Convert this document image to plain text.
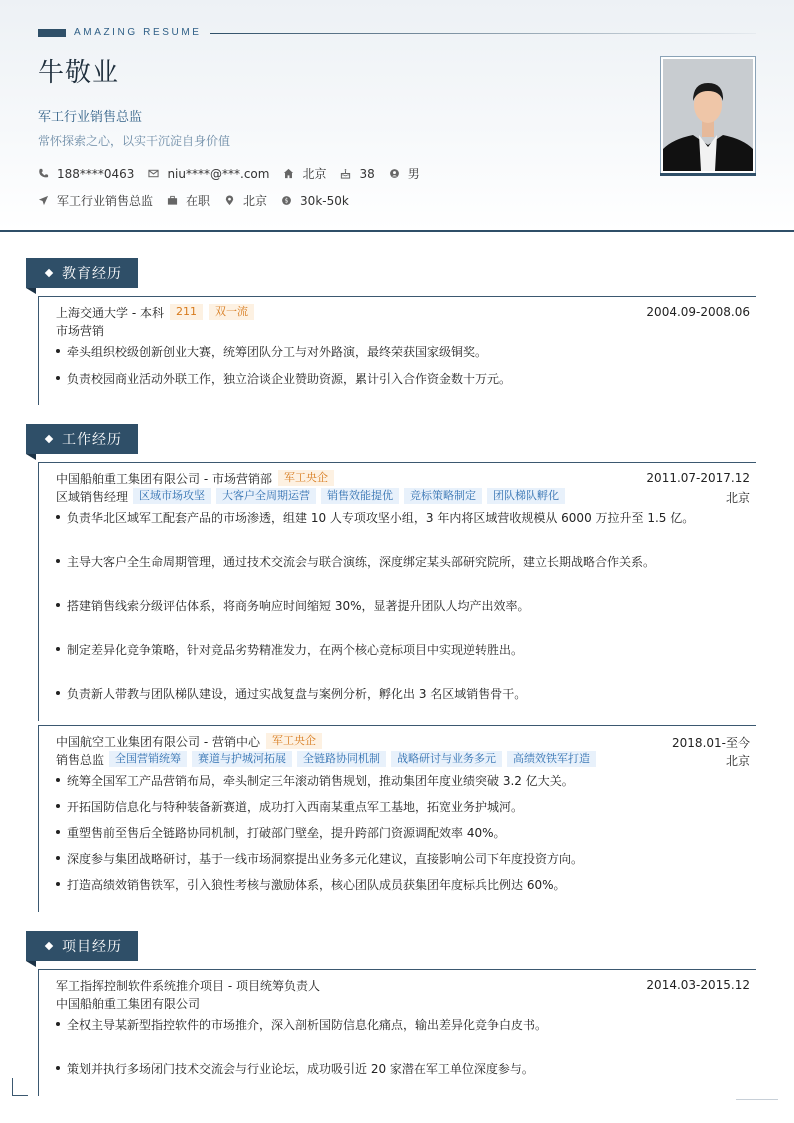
AMAZING RESUME
牛敬业
军工行业销售总监
常怀探索之心，以实干沉淀自身价值
188****0463	niu****@***.com	北京	38	男
军工行业销售总监	在职	北京	$ 30k-50k
教育经历
上海交通大学 - 本科	211	双一流	2004.09-2008.06
市场营销
牵头组织校级创新创业大赛，统筹团队分工与对外路演，最终荣获国家级铜奖。
负责校园商业活动外联工作，独立洽谈企业赞助资源，累计引入合作资金数十万元。
工作经历
中国船舶重工集团有限公司 - 市场营销部	军工央企	2011.07-2017.12
区域销售经理	区域市场攻坚	大客户全周期运营	销售效能提优	竞标策略制定	团队梯队孵化	北京
负责华北区域军工配套产品的市场渗透，组建 10 人专项攻坚小组，3 年内将区域营收规模从 6000 万拉升至 1.5 亿。
主导大客户全生命周期管理，通过技术交流会与联合演练，深度绑定某头部研究院所，建立长期战略合作关系。
搭建销售线索分级评估体系，将商务响应时间缩短 30%，显著提升团队人均产出效率。
制定差异化竞争策略，针对竞品劣势精准发力，在两个核心竞标项目中实现逆转胜出。
负责新人带教与团队梯队建设，通过实战复盘与案例分析，孵化出 3 名区域销售骨干。
中国航空工业集团有限公司 - 营销中心	军工央企	2018.01-至今
销售总监	全国营销统筹	赛道与护城河拓展	全链路协同机制	战略研讨与业务多元	高绩效铁军打造	北京
统筹全国军工产品营销布局，牵头制定三年滚动销售规划，推动集团年度业绩突破 3.2 亿大关。
开拓国防信息化与特种装备新赛道，成功打入西南某重点军工基地，拓宽业务护城河。
重塑售前至售后全链路协同机制，打破部门壁垒，提升跨部门资源调配效率 40%。
深度参与集团战略研讨，基于一线市场洞察提出业务多元化建议，直接影响公司下年度投资方向。
打造高绩效销售铁军，引入狼性考核与激励体系，核心团队成员获集团年度标兵比例达 60%。
项目经历
军工指挥控制软件系统推介项目 - 项目统筹负责人	2014.03-2015.12
中国船舶重工集团有限公司
全权主导某新型指控软件的市场推介，深入剖析国防信息化痛点，输出差异化竞争白皮书。
策划并执行多场闭门技术交流会与行业论坛，成功吸引近 20 家潜在军工单位深度参与。
